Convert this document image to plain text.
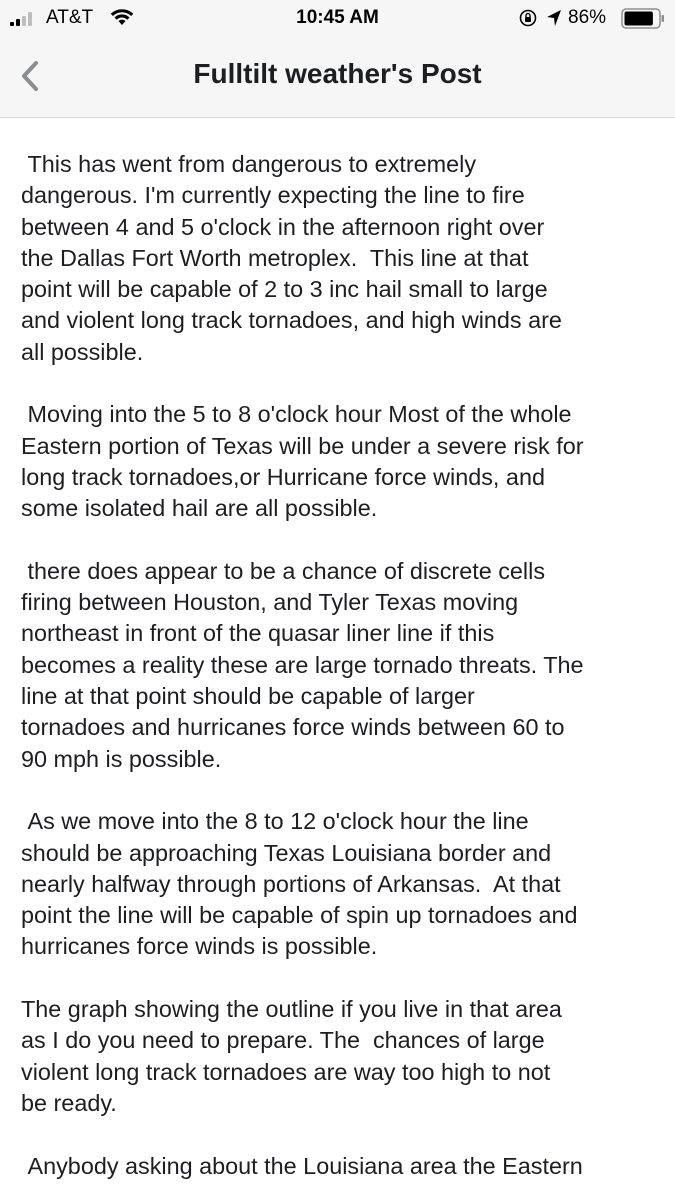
AT&T	10:45 AM	86%
Fulltilt weather's Post

This has went from dangerous to extremely
dangerous. I'm currently expecting the line to fire
between 4 and 5 o'clock in the afternoon right over
the Dallas Fort Worth metroplex.  This line at that
point will be capable of 2 to 3 inc hail small to large
and violent long track tornadoes, and high winds are
all possible.

Moving into the 5 to 8 o'clock hour Most of the whole
Eastern portion of Texas will be under a severe risk for
long track tornadoes,or Hurricane force winds, and
some isolated hail are all possible.

there does appear to be a chance of discrete cells
firing between Houston, and Tyler Texas moving
northeast in front of the quasar liner line if this
becomes a reality these are large tornado threats. The
line at that point should be capable of larger
tornadoes and hurricanes force winds between 60 to
90 mph is possible.

As we move into the 8 to 12 o'clock hour the line
should be approaching Texas Louisiana border and
nearly halfway through portions of Arkansas.  At that
point the line will be capable of spin up tornadoes and
hurricanes force winds is possible.

The graph showing the outline if you live in that area
as I do you need to prepare. The  chances of large
violent long track tornadoes are way too high to not
be ready.

Anybody asking about the Louisiana area the Eastern
